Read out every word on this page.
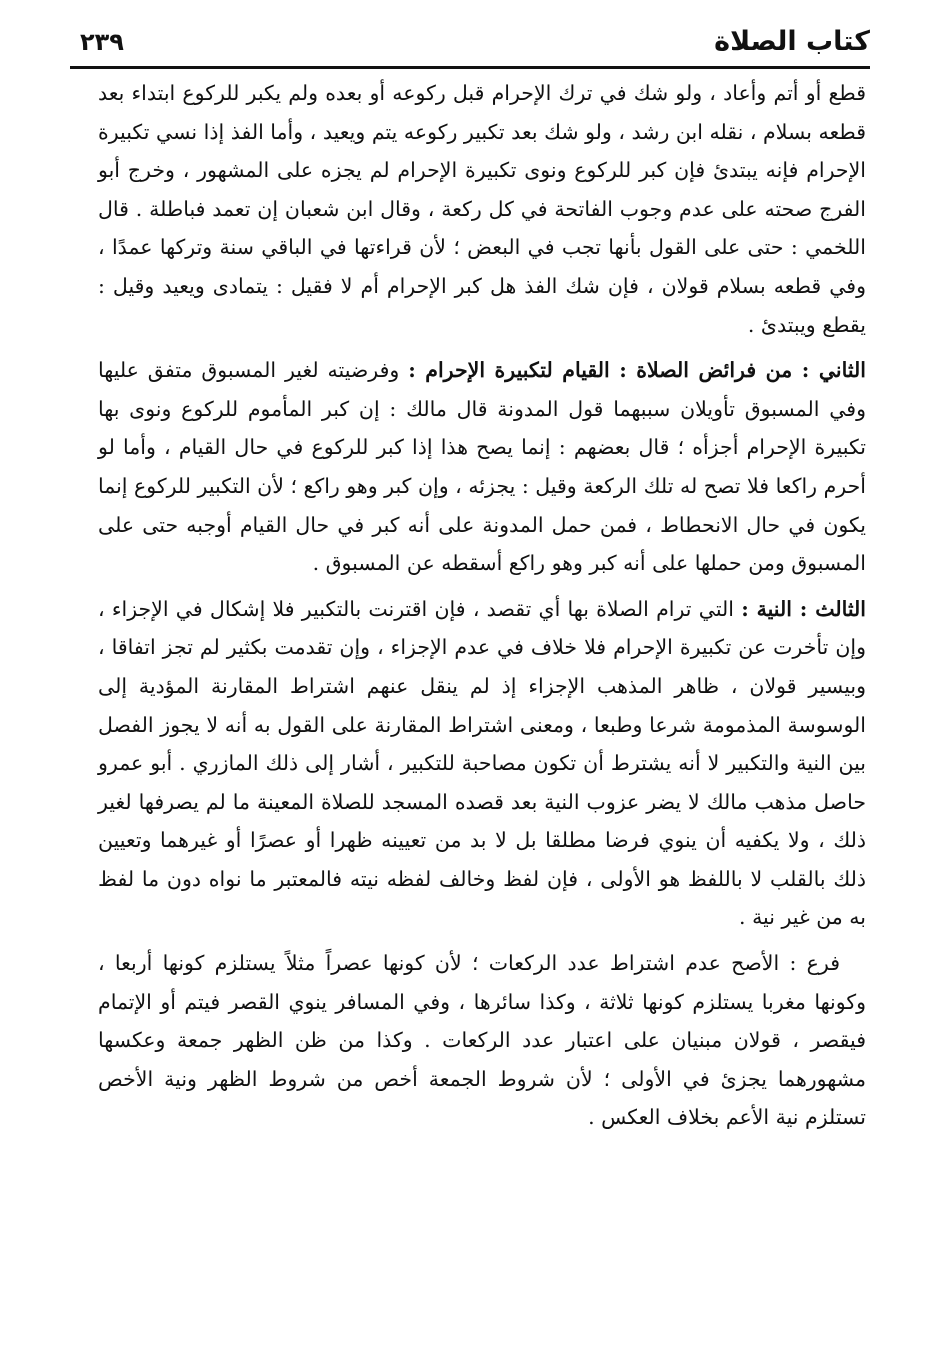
كتاب الصلاة
٢٣٩

قطع أو أتم وأعاد ، ولو شك في ترك الإحرام قبل ركوعه أو بعده ولم يكبر للركوع ابتداء بعد قطعه بسلام ، نقله ابن رشد ، ولو شك بعد تكبير ركوعه يتم ويعيد ، وأما الفذ إذا نسي تكبيرة الإحرام فإنه يبتدئ فإن كبر للركوع ونوى تكبيرة الإحرام لم يجزه على المشهور ، وخرج أبو الفرج صحته على عدم وجوب الفاتحة في كل ركعة ، وقال ابن شعبان إن تعمد فباطلة . قال اللخمي : حتى على القول بأنها تجب في البعض ؛ لأن قراءتها في الباقي سنة وتركها عمدًا ، وفي قطعه بسلام قولان ، فإن شك الفذ هل كبر الإحرام أم لا فقيل : يتمادى ويعيد وقيل : يقطع ويبتدئ .

الثاني : من فرائض الصلاة : القيام لتكبيرة الإحرام : وفرضيته لغير المسبوق متفق عليها وفي المسبوق تأويلان سببهما قول المدونة قال مالك : إن كبر المأموم للركوع ونوى بها تكبيرة الإحرام أجزأه ؛ قال بعضهم : إنما يصح هذا إذا كبر للركوع في حال القيام ، وأما لو أحرم راكعا فلا تصح له تلك الركعة وقيل : يجزئه ، وإن كبر وهو راكع ؛ لأن التكبير للركوع إنما يكون في حال الانحطاط ، فمن حمل المدونة على أنه كبر في حال القيام أوجبه حتى على المسبوق ومن حملها على أنه كبر وهو راكع أسقطه عن المسبوق .

الثالث : النية : التي ترام الصلاة بها أي تقصد ، فإن اقترنت بالتكبير فلا إشكال في الإجزاء ، وإن تأخرت عن تكبيرة الإحرام فلا خلاف في عدم الإجزاء ، وإن تقدمت بكثير لم تجز اتفاقا ، وبيسير قولان ، ظاهر المذهب الإجزاء إذ لم ينقل عنهم اشتراط المقارنة المؤدية إلى الوسوسة المذمومة شرعا وطبعا ، ومعنى اشتراط المقارنة على القول به أنه لا يجوز الفصل بين النية والتكبير لا أنه يشترط أن تكون مصاحبة للتكبير ، أشار إلى ذلك المازري . أبو عمرو حاصل مذهب مالك لا يضر عزوب النية بعد قصده المسجد للصلاة المعينة ما لم يصرفها لغير ذلك ، ولا يكفيه أن ينوي فرضا مطلقا بل لا بد من تعيينه ظهرا أو عصرًا أو غيرهما وتعيين ذلك بالقلب لا باللفظ هو الأولى ، فإن لفظ وخالف لفظه نيته فالمعتبر ما نواه دون ما لفظ به من غير نية .

فرع : الأصح عدم اشتراط عدد الركعات ؛ لأن كونها عصراً مثلاً يستلزم كونها أربعا ، وكونها مغربا يستلزم كونها ثلاثة ، وكذا سائرها ، وفي المسافر ينوي القصر فيتم أو الإتمام فيقصر ، قولان مبنيان على اعتبار عدد الركعات . وكذا من ظن الظهر جمعة وعكسها مشهورهما يجزئ في الأولى ؛ لأن شروط الجمعة أخص من شروط الظهر ونية الأخص تستلزم نية الأعم بخلاف العكس .
